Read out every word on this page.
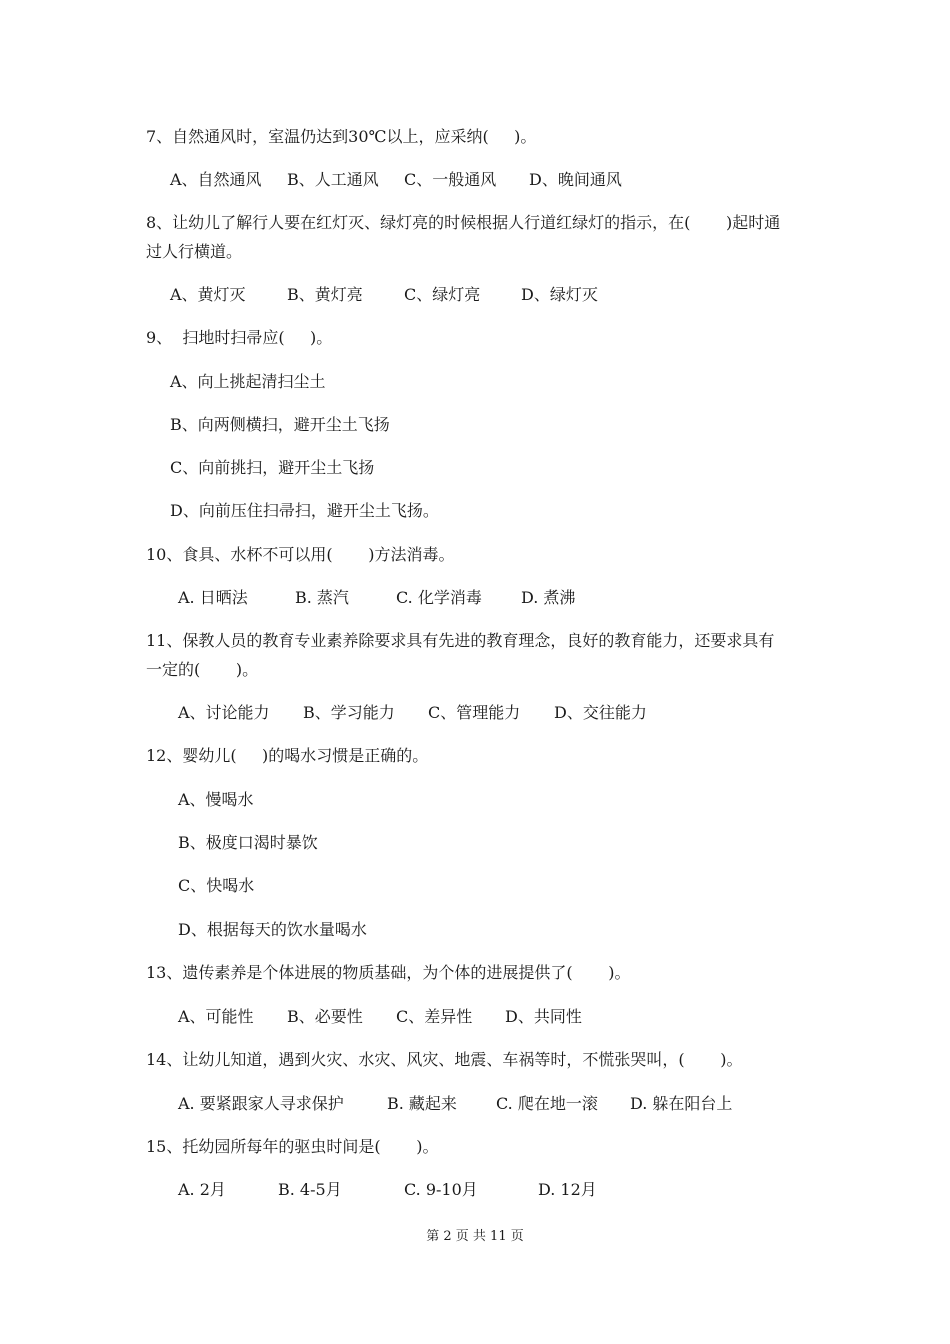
7、自然通风时，室温仍达到30℃以上，应采纳(     )。
A、自然通风 B、人工通风 C、一般通风 D、晚间通风
8、让幼儿了解行人要在红灯灭、绿灯亮的时候根据人行道红绿灯的指示，在(       )起时通
过人行横道。
A、黄灯灭	B、黄灯亮	C、绿灯亮	D、绿灯灭
9、  扫地时扫帚应(     )。
A、向上挑起清扫尘土
B、向两侧横扫，避开尘土飞扬
C、向前挑扫，避开尘土飞扬
D、向前压住扫帚扫，避开尘土飞扬。
10、食具、水杯不可以用(       )方法消毒。
A. 日晒法	B. 蒸汽	C. 化学消毒 D. 煮沸
11、保教人员的教育专业素养除要求具有先进的教育理念，良好的教育能力，还要求具有
一定的(       )。
A、讨论能力 B、学习能力 C、管理能力 D、交往能力
12、婴幼儿(     )的喝水习惯是正确的。
A、慢喝水
B、极度口渴时暴饮
C、快喝水
D、根据每天的饮水量喝水
13、遗传素养是个体进展的物质基础，为个体的进展提供了(       )。
A、可能性 B、必要性 C、差异性 D、共同性
14、让幼儿知道，遇到火灾、水灾、风灾、地震、车祸等时，不慌张哭叫，(       )。
A. 要紧跟家人寻求保护	B. 藏起来 C. 爬在地一滚 D. 躲在阳台上
15、托幼园所每年的驱虫时间是(       )。
A. 2月	B. 4-5月	C. 9-10月	D. 12月
第 2 页 共 11 页
